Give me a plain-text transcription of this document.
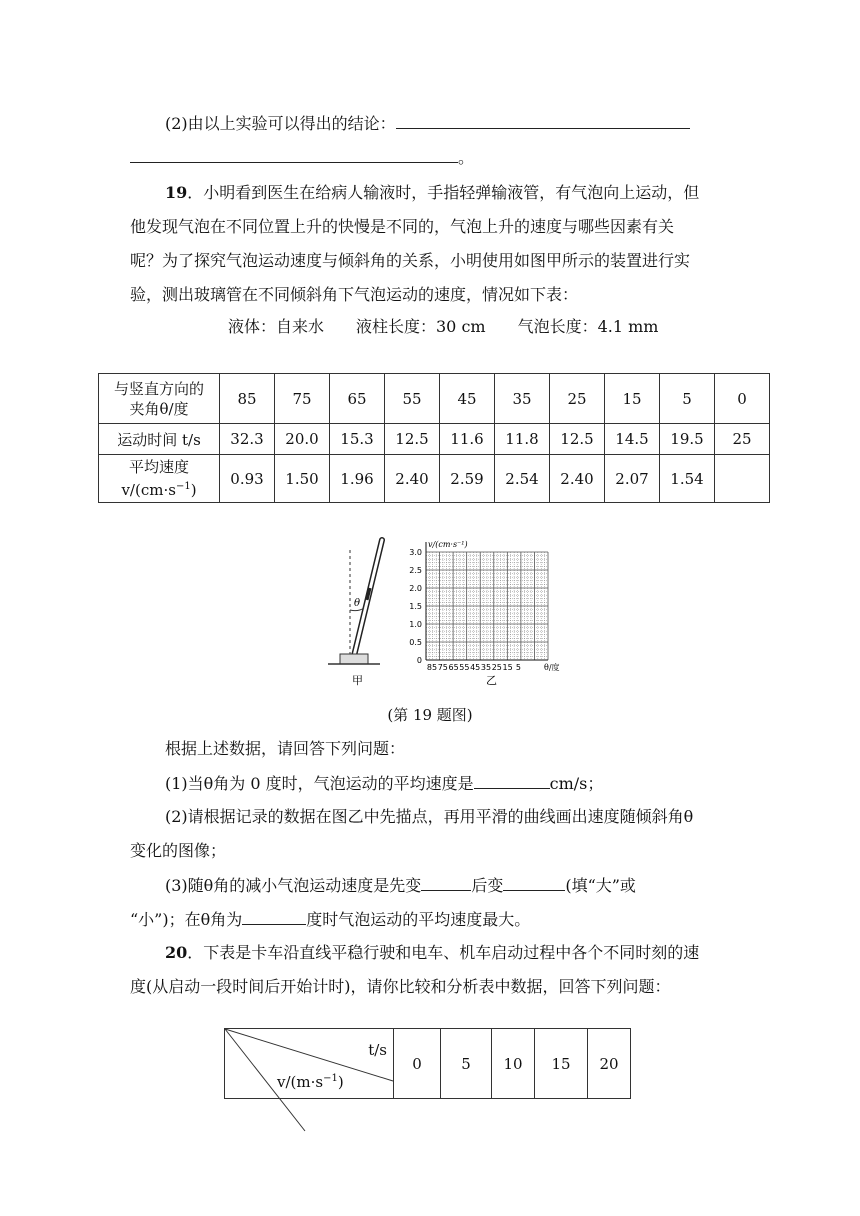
(2)由以上实验可以得出的结论：
。
19．小明看到医生在给病人输液时，手指轻弹输液管，有气泡向上运动，但
他发现气泡在不同位置上升的快慢是不同的，气泡上升的速度与哪些因素有关
呢？为了探究气泡运动速度与倾斜角的关系，小明使用如图甲所示的装置进行实
验，测出玻璃管在不同倾斜角下气泡运动的速度，情况如下表：
液体：自来水　　液柱长度：30 cm　　气泡长度：4.1 mm
与竖直方向的
夹角θ/度	85	75	65	55	45	35	25	15	5	0
运动时间 t/s	32.3	20.0	15.3	12.5	11.6	11.8	12.5	14.5	19.5	25
平均速度
$v/(cm\cdot s^{-1})$	0.93	1.50	1.96	2.40	2.59	2.54	2.40	2.07	1.54	
θ
甲
v/(cm·s⁻¹)
3.0
2.5
2.0
1.5
1.0
0.5
0
85 75 65 55 45 35 25 15 5	θ/度
乙
(第 19 题图)
根据上述数据，请回答下列问题：
(1)当θ角为 0 度时，气泡运动的平均速度是	cm/s；
(2)请根据记录的数据在图乙中先描点，再用平滑的曲线画出速度随倾斜角θ
变化的图像；
(3)随θ角的减小气泡运动速度是先变	后变	(填“大”或
“小”)；在θ角为	度时气泡运动的平均速度最大。
20．下表是卡车沿直线平稳行驶和电车、机车启动过程中各个不同时刻的速
度(从启动一段时间后开始计时)，请你比较和分析表中数据，回答下列问题：
t/s
$v/(m\cdot s^{-1})$
	0	5	10	15	20
